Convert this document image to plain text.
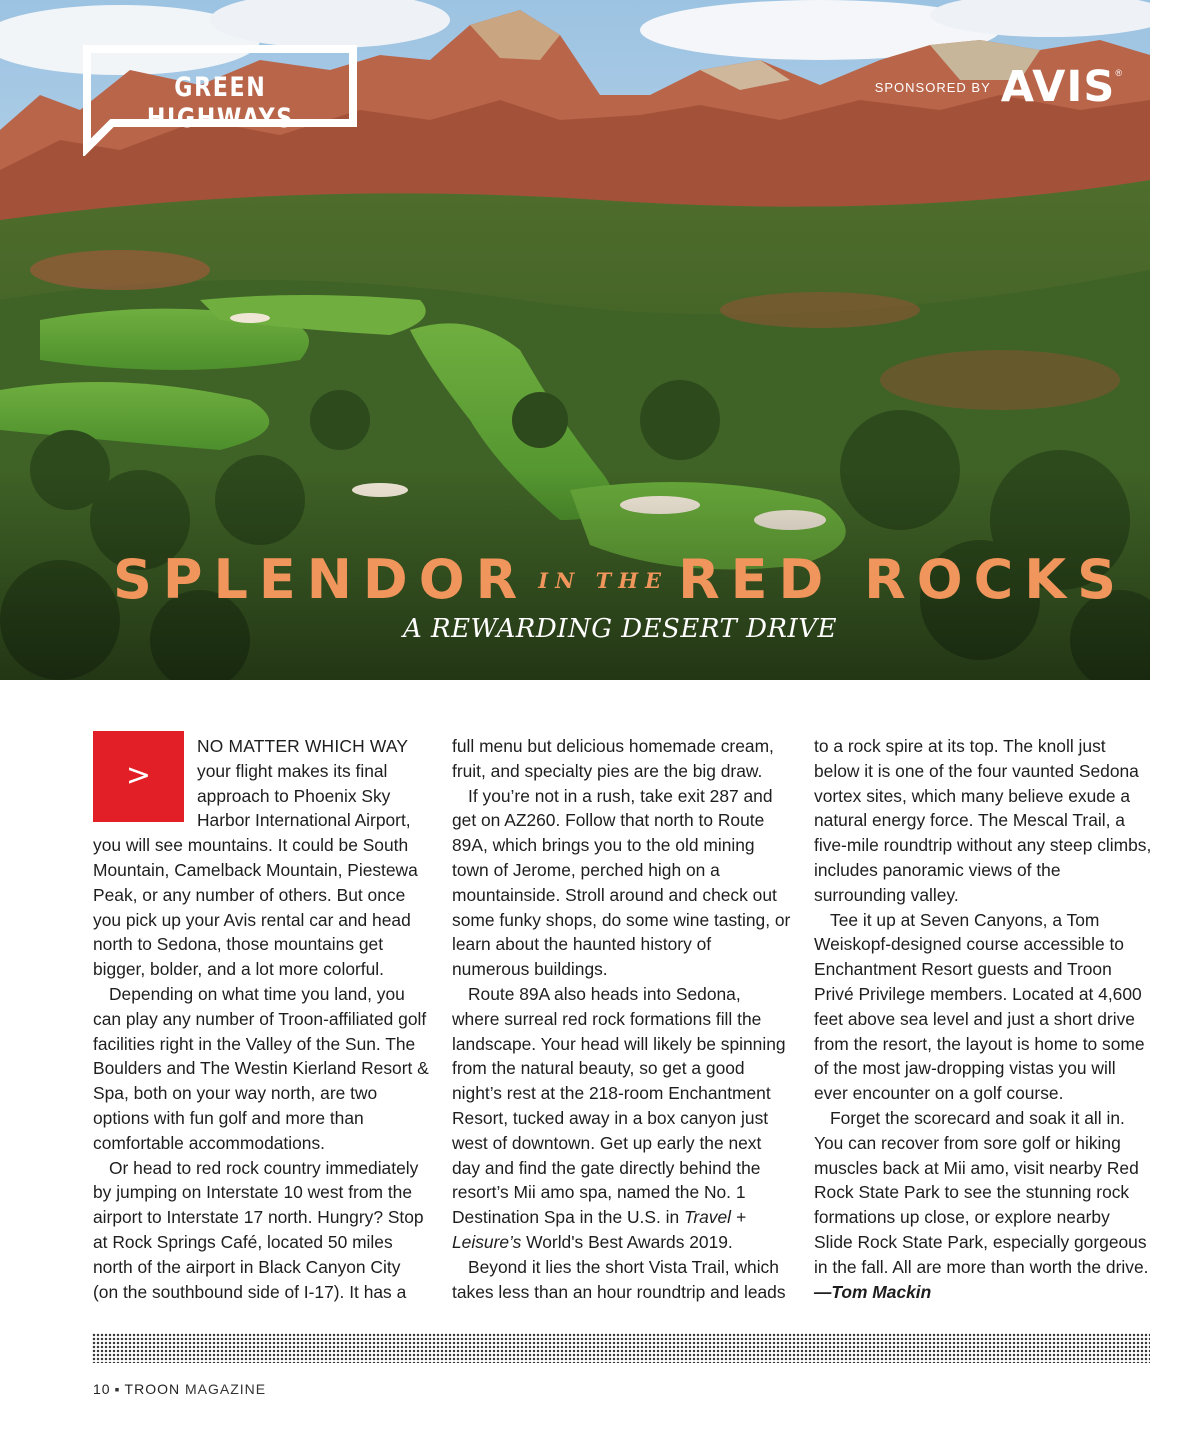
GREEN HIGHWAYS
SPONSORED BY AVIS ®
SPLENDOR IN THE RED ROCKS
A REWARDING DESERT DRIVE
>

NO MATTER WHICH WAY your flight makes its final approach to Phoenix Sky Harbor International Airport, you will see mountains. It could be South Mountain, Camelback Mountain, Piestewa Peak, or any number of others. But once you pick up your Avis rental car and head north to Sedona, those mountains get bigger, bolder, and a lot more colorful.

Depending on what time you land, you can play any number of Troon-affiliated golf facilities right in the Valley of the Sun. The Boulders and The Westin Kierland Resort & Spa, both on your way north, are two options with fun golf and more than comfortable accommodations.

Or head to red rock country immediately by jumping on Interstate 10 west from the airport to Interstate 17 north. Hungry? Stop at Rock Springs Café, located 50 miles north of the airport in Black Canyon City (on the southbound side of I-17). It has a

full menu but delicious homemade cream, fruit, and specialty pies are the big draw.

If you’re not in a rush, take exit 287 and get on AZ260. Follow that north to Route 89A, which brings you to the old mining town of Jerome, perched high on a mountainside. Stroll around and check out some funky shops, do some wine tasting, or learn about the haunted history of numerous buildings.

Route 89A also heads into Sedona, where surreal red rock formations fill the landscape. Your head will likely be spinning from the natural beauty, so get a good night’s rest at the 218-room Enchantment Resort, tucked away in a box canyon just west of downtown. Get up early the next day and find the gate directly behind the resort’s Mii amo spa, named the No. 1 Destination Spa in the U.S. in Travel + Leisure’s World's Best Awards 2019.

Beyond it lies the short Vista Trail, which takes less than an hour roundtrip and leads

to a rock spire at its top. The knoll just below it is one of the four vaunted Sedona vortex sites, which many believe exude a natural energy force. The Mescal Trail, a five-mile roundtrip without any steep climbs, includes panoramic views of the surrounding valley.

Tee it up at Seven Canyons, a Tom Weiskopf-designed course accessible to Enchantment Resort guests and Troon Privé Privilege members. Located at 4,600 feet above sea level and just a short drive from the resort, the layout is home to some of the most jaw-dropping vistas you will ever encounter on a golf course.

Forget the scorecard and soak it all in. You can recover from sore golf or hiking muscles back at Mii amo, visit nearby Red Rock State Park to see the stunning rock formations up close, or explore nearby Slide Rock State Park, especially gorgeous in the fall. All are more than worth the drive.—Tom Mackin

10 ▪ TROON MAGAZINE
